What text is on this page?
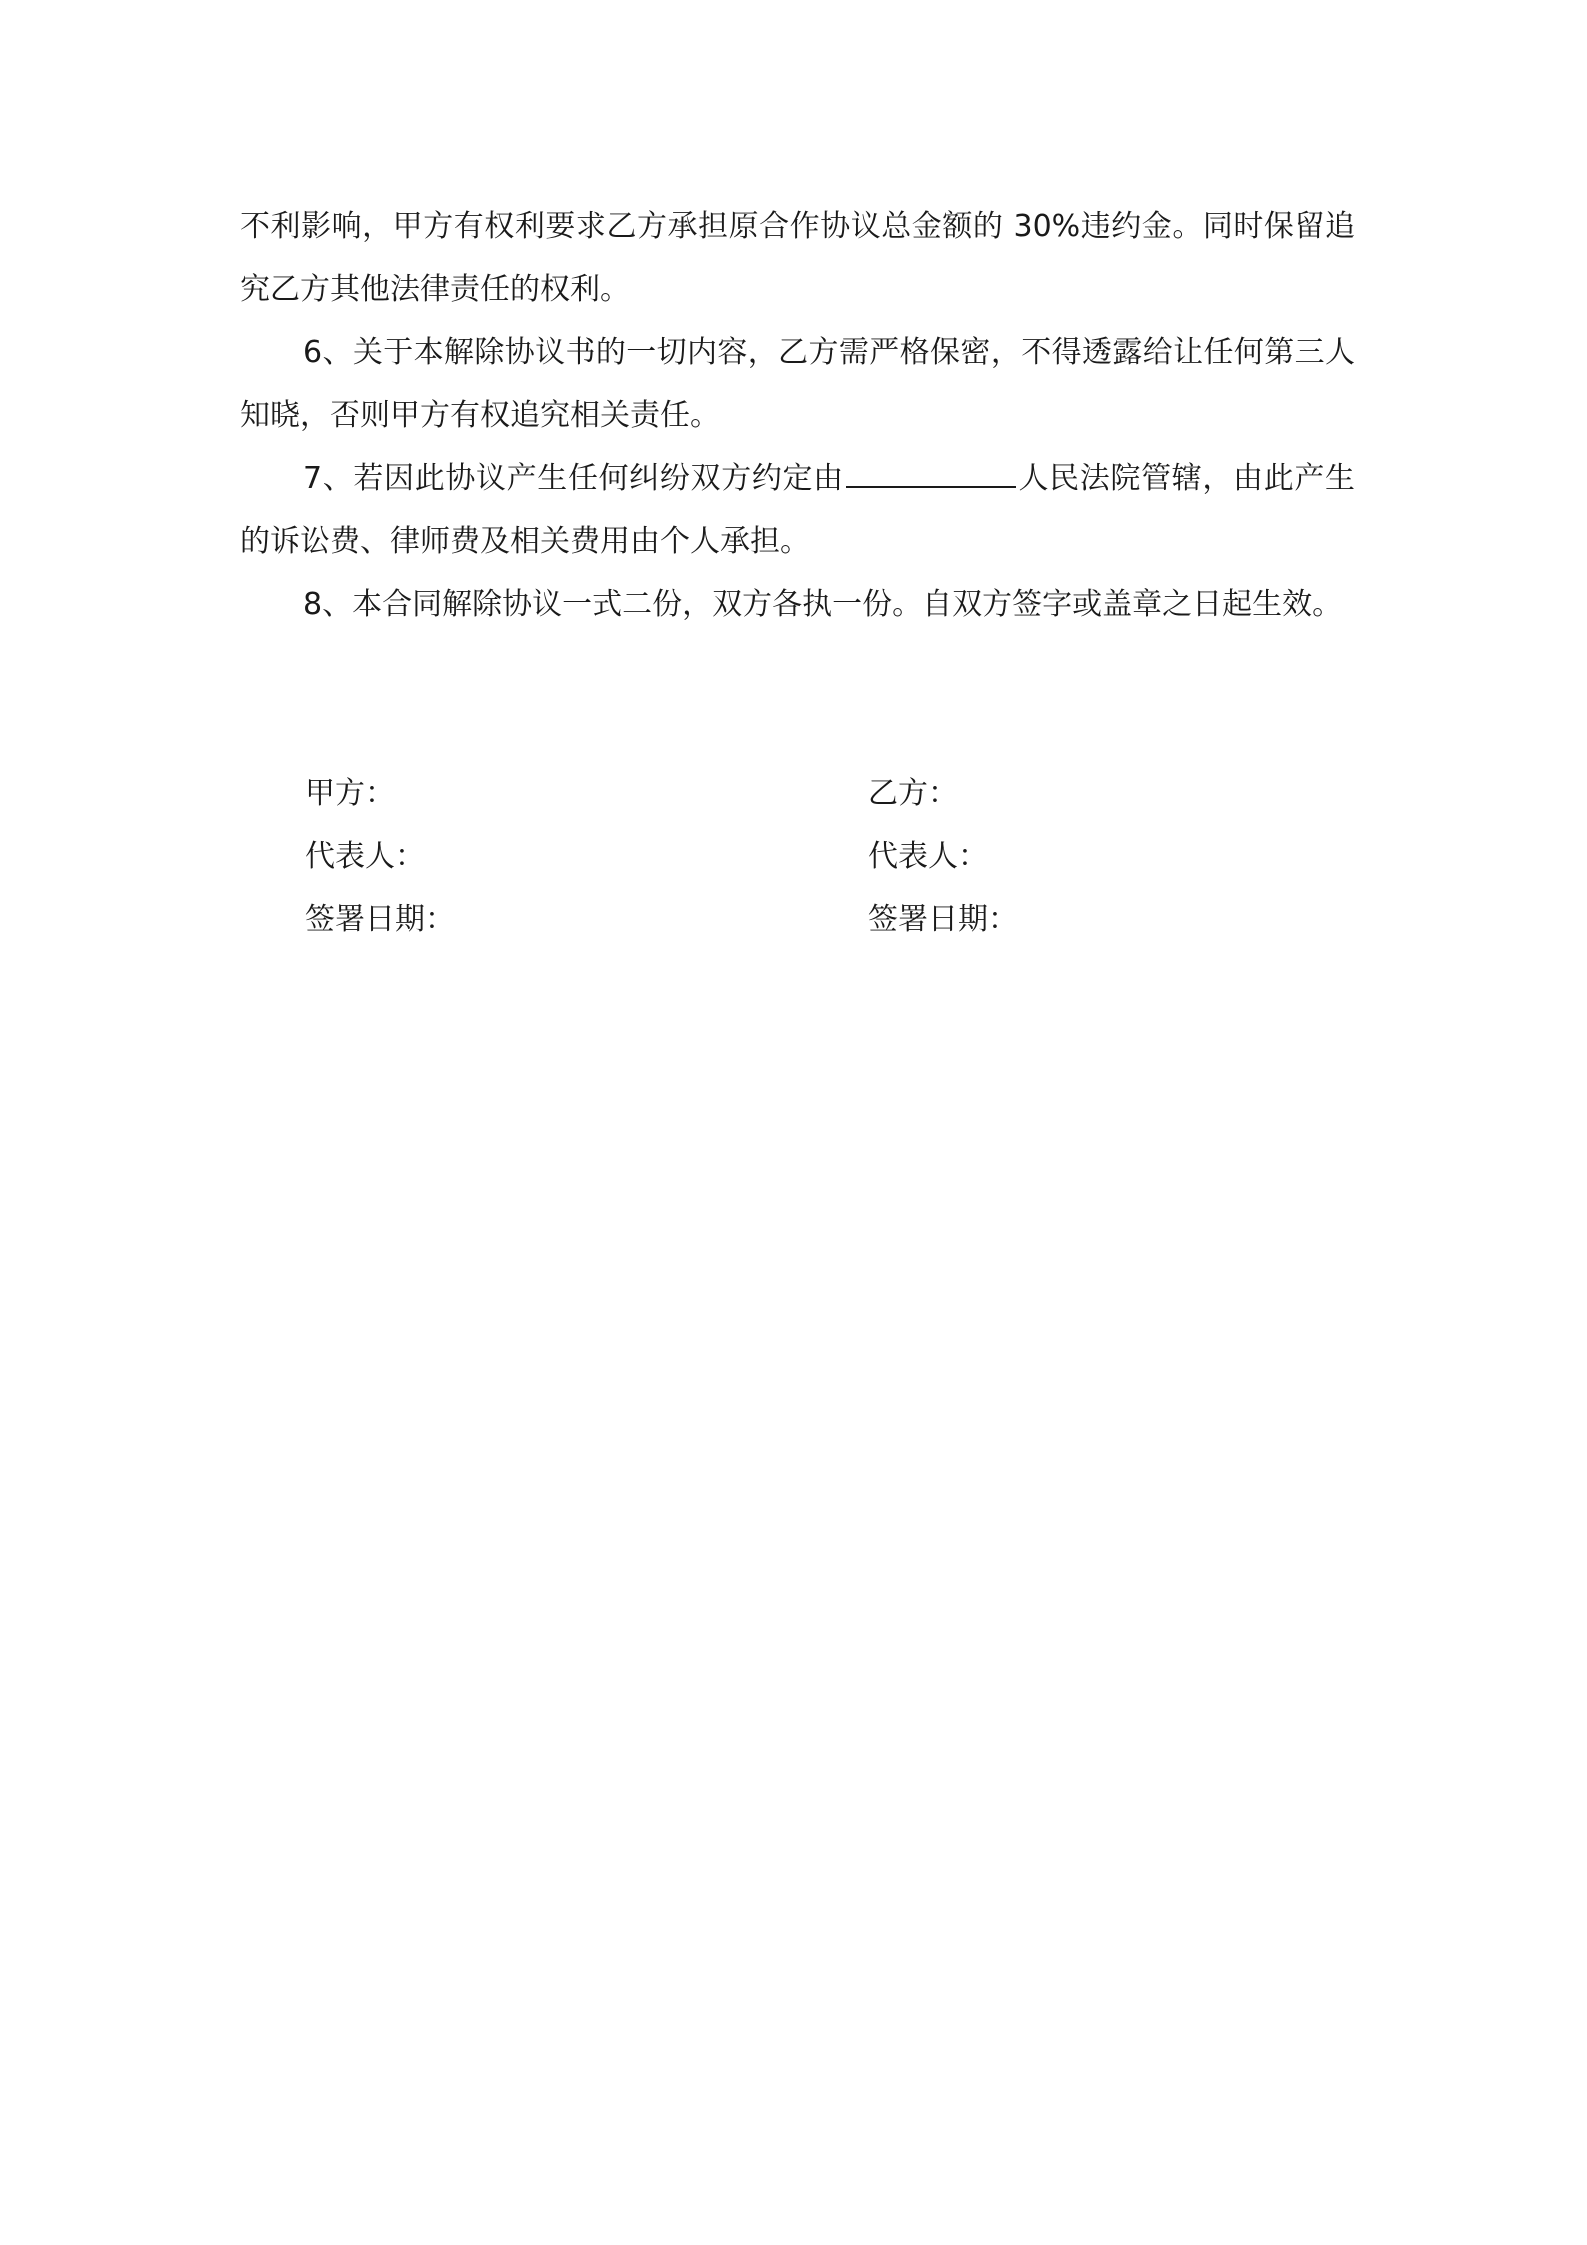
不利影响，甲方有权利要求乙方承担原合作协议总金额的 30%违约金。同时保留追究乙方其他法律责任的权利。

6、关于本解除协议书的一切内容，乙方需严格保密，不得透露给让任何第三人知晓，否则甲方有权追究相关责任。

7、若因此协议产生任何纠纷双方约定由	人民法院管辖，由此产生的诉讼费、律师费及相关费用由个人承担。

8、本合同解除协议一式二份，双方各执一份。自双方签字或盖章之日起生效。

甲方：
代表人：
签署日期：
乙方：
代表人：
签署日期：
